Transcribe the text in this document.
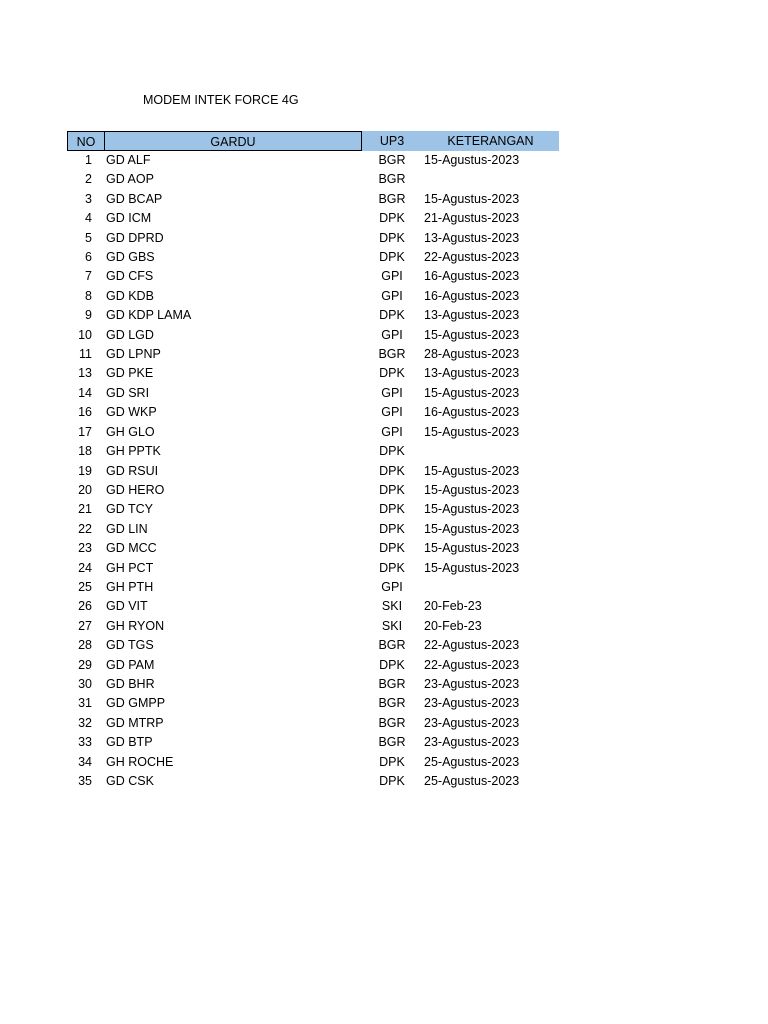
MODEM INTEK FORCE 4G
NO	GARDU	UP3	KETERANGAN
1 GD ALF	BGR	15-Agustus-2023
2 GD AOP	BGR
3 GD BCAP	BGR	15-Agustus-2023
4 GD ICM	DPK	21-Agustus-2023
5 GD DPRD	DPK	13-Agustus-2023
6 GD GBS	DPK	22-Agustus-2023
7 GD CFS	GPI	16-Agustus-2023
8 GD KDB	GPI	16-Agustus-2023
9 GD KDP LAMA	DPK	13-Agustus-2023
10 GD LGD	GPI	15-Agustus-2023
11 GD LPNP	BGR	28-Agustus-2023
13 GD PKE	DPK	13-Agustus-2023
14 GD SRI	GPI	15-Agustus-2023
16 GD WKP	GPI	16-Agustus-2023
17 GH GLO	GPI	15-Agustus-2023
18 GH PPTK	DPK
19 GD RSUI	DPK	15-Agustus-2023
20 GD HERO	DPK	15-Agustus-2023
21 GD TCY	DPK	15-Agustus-2023
22 GD LIN	DPK	15-Agustus-2023
23 GD MCC	DPK	15-Agustus-2023
24 GH PCT	DPK	15-Agustus-2023
25 GH PTH	GPI
26 GD VIT	SKI	20-Feb-23
27 GH RYON	SKI	20-Feb-23
28 GD TGS	BGR	22-Agustus-2023
29 GD PAM	DPK	22-Agustus-2023
30 GD BHR	BGR	23-Agustus-2023
31 GD GMPP	BGR	23-Agustus-2023
32 GD MTRP	BGR	23-Agustus-2023
33 GD BTP	BGR	23-Agustus-2023
34 GH ROCHE	DPK	25-Agustus-2023
35 GD CSK	DPK	25-Agustus-2023
